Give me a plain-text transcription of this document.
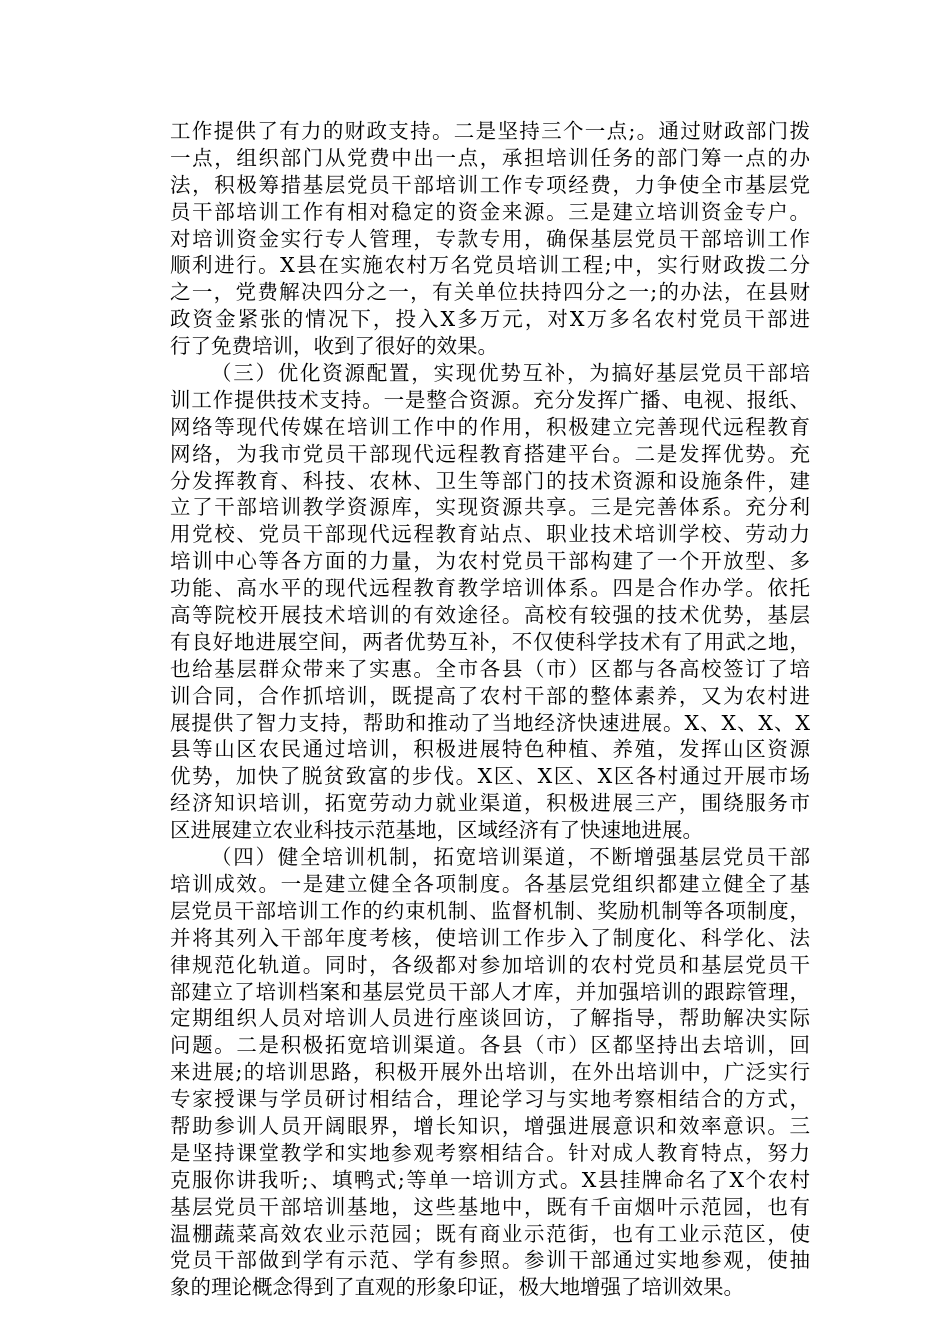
工作提供了有力的财政支持。二是坚持三个一点;。通过财政部门拨
一点，组织部门从党费中出一点，承担培训任务的部门筹一点的办
法，积极筹措基层党员干部培训工作专项经费，力争使全市基层党
员干部培训工作有相对稳定的资金来源。三是建立培训资金专户。
对培训资金实行专人管理，专款专用，确保基层党员干部培训工作
顺利进行。X县在实施农村万名党员培训工程;中，实行财政拨二分
之一，党费解决四分之一，有关单位扶持四分之一;的办法，在县财
政资金紧张的情况下，投入X多万元，对X万多名农村党员干部进
行了免费培训，收到了很好的效果。
（三）优化资源配置，实现优势互补，为搞好基层党员干部培
训工作提供技术支持。一是整合资源。充分发挥广播、电视、报纸、
网络等现代传媒在培训工作中的作用，积极建立完善现代远程教育
网络，为我市党员干部现代远程教育搭建平台。二是发挥优势。充
分发挥教育、科技、农林、卫生等部门的技术资源和设施条件，建
立了干部培训教学资源库，实现资源共享。三是完善体系。充分利
用党校、党员干部现代远程教育站点、职业技术培训学校、劳动力
培训中心等各方面的力量，为农村党员干部构建了一个开放型、多
功能、高水平的现代远程教育教学培训体系。四是合作办学。依托
高等院校开展技术培训的有效途径。高校有较强的技术优势，基层
有良好地进展空间，两者优势互补，不仅使科学技术有了用武之地，
也给基层群众带来了实惠。全市各县（市）区都与各高校签订了培
训合同，合作抓培训，既提高了农村干部的整体素养，又为农村进
展提供了智力支持，帮助和推动了当地经济快速进展。X、X、X、X
县等山区农民通过培训，积极进展特色种植、养殖，发挥山区资源
优势，加快了脱贫致富的步伐。X区、X区、X区各村通过开展市场
经济知识培训，拓宽劳动力就业渠道，积极进展三产，围绕服务市
区进展建立农业科技示范基地，区域经济有了快速地进展。
（四）健全培训机制，拓宽培训渠道，不断增强基层党员干部
培训成效。一是建立健全各项制度。各基层党组织都建立健全了基
层党员干部培训工作的约束机制、监督机制、奖励机制等各项制度，
并将其列入干部年度考核，使培训工作步入了制度化、科学化、法
律规范化轨道。同时，各级都对参加培训的农村党员和基层党员干
部建立了培训档案和基层党员干部人才库，并加强培训的跟踪管理，
定期组织人员对培训人员进行座谈回访，了解指导，帮助解决实际
问题。二是积极拓宽培训渠道。各县（市）区都坚持出去培训，回
来进展;的培训思路，积极开展外出培训，在外出培训中，广泛实行
专家授课与学员研讨相结合，理论学习与实地考察相结合的方式，
帮助参训人员开阔眼界，增长知识，增强进展意识和效率意识。三
是坚持课堂教学和实地参观考察相结合。针对成人教育特点，努力
克服你讲我听;、填鸭式;等单一培训方式。X县挂牌命名了X个农村
基层党员干部培训基地，这些基地中，既有千亩烟叶示范园，也有
温棚蔬菜高效农业示范园；既有商业示范街，也有工业示范区，使
党员干部做到学有示范、学有参照。参训干部通过实地参观，使抽
象的理论概念得到了直观的形象印证，极大地增强了培训效果。
